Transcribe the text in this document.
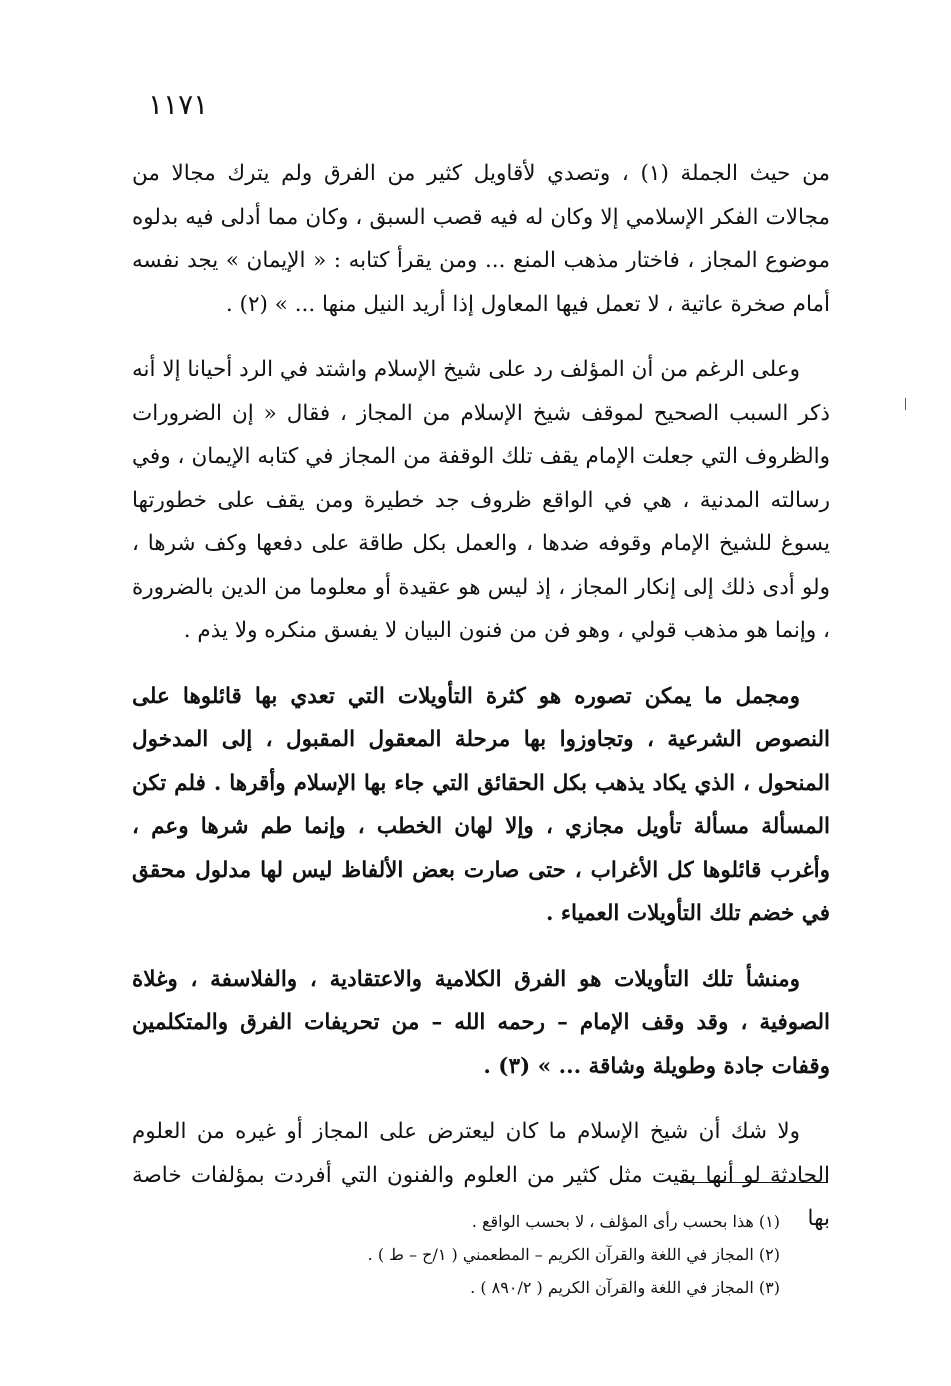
١١٧١

من حيث الجملة (١) ، وتصدي لأقاويل كثير من الفرق ولم يترك مجالا من مجالات الفكر الإسلامي إلا وكان له فيه قصب السبق ، وكان مما أدلى فيه بدلوه موضوع المجاز ، فاختار مذهب المنع ... ومن يقرأ كتابه : « الإيمان » يجد نفسه أمام صخرة عاتية ، لا تعمل فيها المعاول إذا أريد النيل منها ... » (٢) .

وعلى الرغم من أن المؤلف رد على شيخ الإسلام واشتد في الرد أحيانا إلا أنه ذكر السبب الصحيح لموقف شيخ الإسلام من المجاز ، فقال « إن الضرورات والظروف التي جعلت الإمام يقف تلك الوقفة من المجاز في كتابه الإيمان ، وفي رسالته المدنية ، هي في الواقع ظروف جد خطيرة ومن يقف على خطورتها يسوغ للشيخ الإمام وقوفه ضدها ، والعمل بكل طاقة على دفعها وكف شرها ، ولو أدى ذلك إلى إنكار المجاز ، إذ ليس هو عقيدة أو معلوما من الدين بالضرورة ، وإنما هو مذهب قولي ، وهو فن من فنون البيان لا يفسق منكره ولا يذم .

ومجمل ما يمكن تصوره هو كثرة التأويلات التي تعدي بها قائلوها على النصوص الشرعية ، وتجاوزوا بها مرحلة المعقول المقبول ، إلى المدخول المنحول ، الذي يكاد يذهب بكل الحقائق التي جاء بها الإسلام وأقرها . فلم تكن المسألة مسألة تأويل مجازي ، وإلا لهان الخطب ، وإنما طم شرها وعم ، وأغرب قائلوها كل الأغراب ، حتى صارت بعض الألفاظ ليس لها مدلول محقق في خضم تلك التأويلات العمياء .

ومنشأ تلك التأويلات هو الفرق الكلامية والاعتقادية ، والفلاسفة ، وغلاة الصوفية ، وقد وقف الإمام – رحمه الله – من تحريفات الفرق والمتكلمين وقفات جادة وطويلة وشاقة ... » (٣) .

ولا شك أن شيخ الإسلام ما كان ليعترض على المجاز أو غيره من العلوم الحادثة لو أنها بقيت مثل كثير من العلوم والفنون التي أفردت بمؤلفات خاصة بها

(١) هذا بحسب رأى المؤلف ، لا بحسب الواقع .
(٢) المجاز في اللغة والقرآن الكريم – المطعمني ( ١/ح – ط ) .
(٣) المجاز في اللغة والقرآن الكريم ( ٨٩٠/٢ ) .
